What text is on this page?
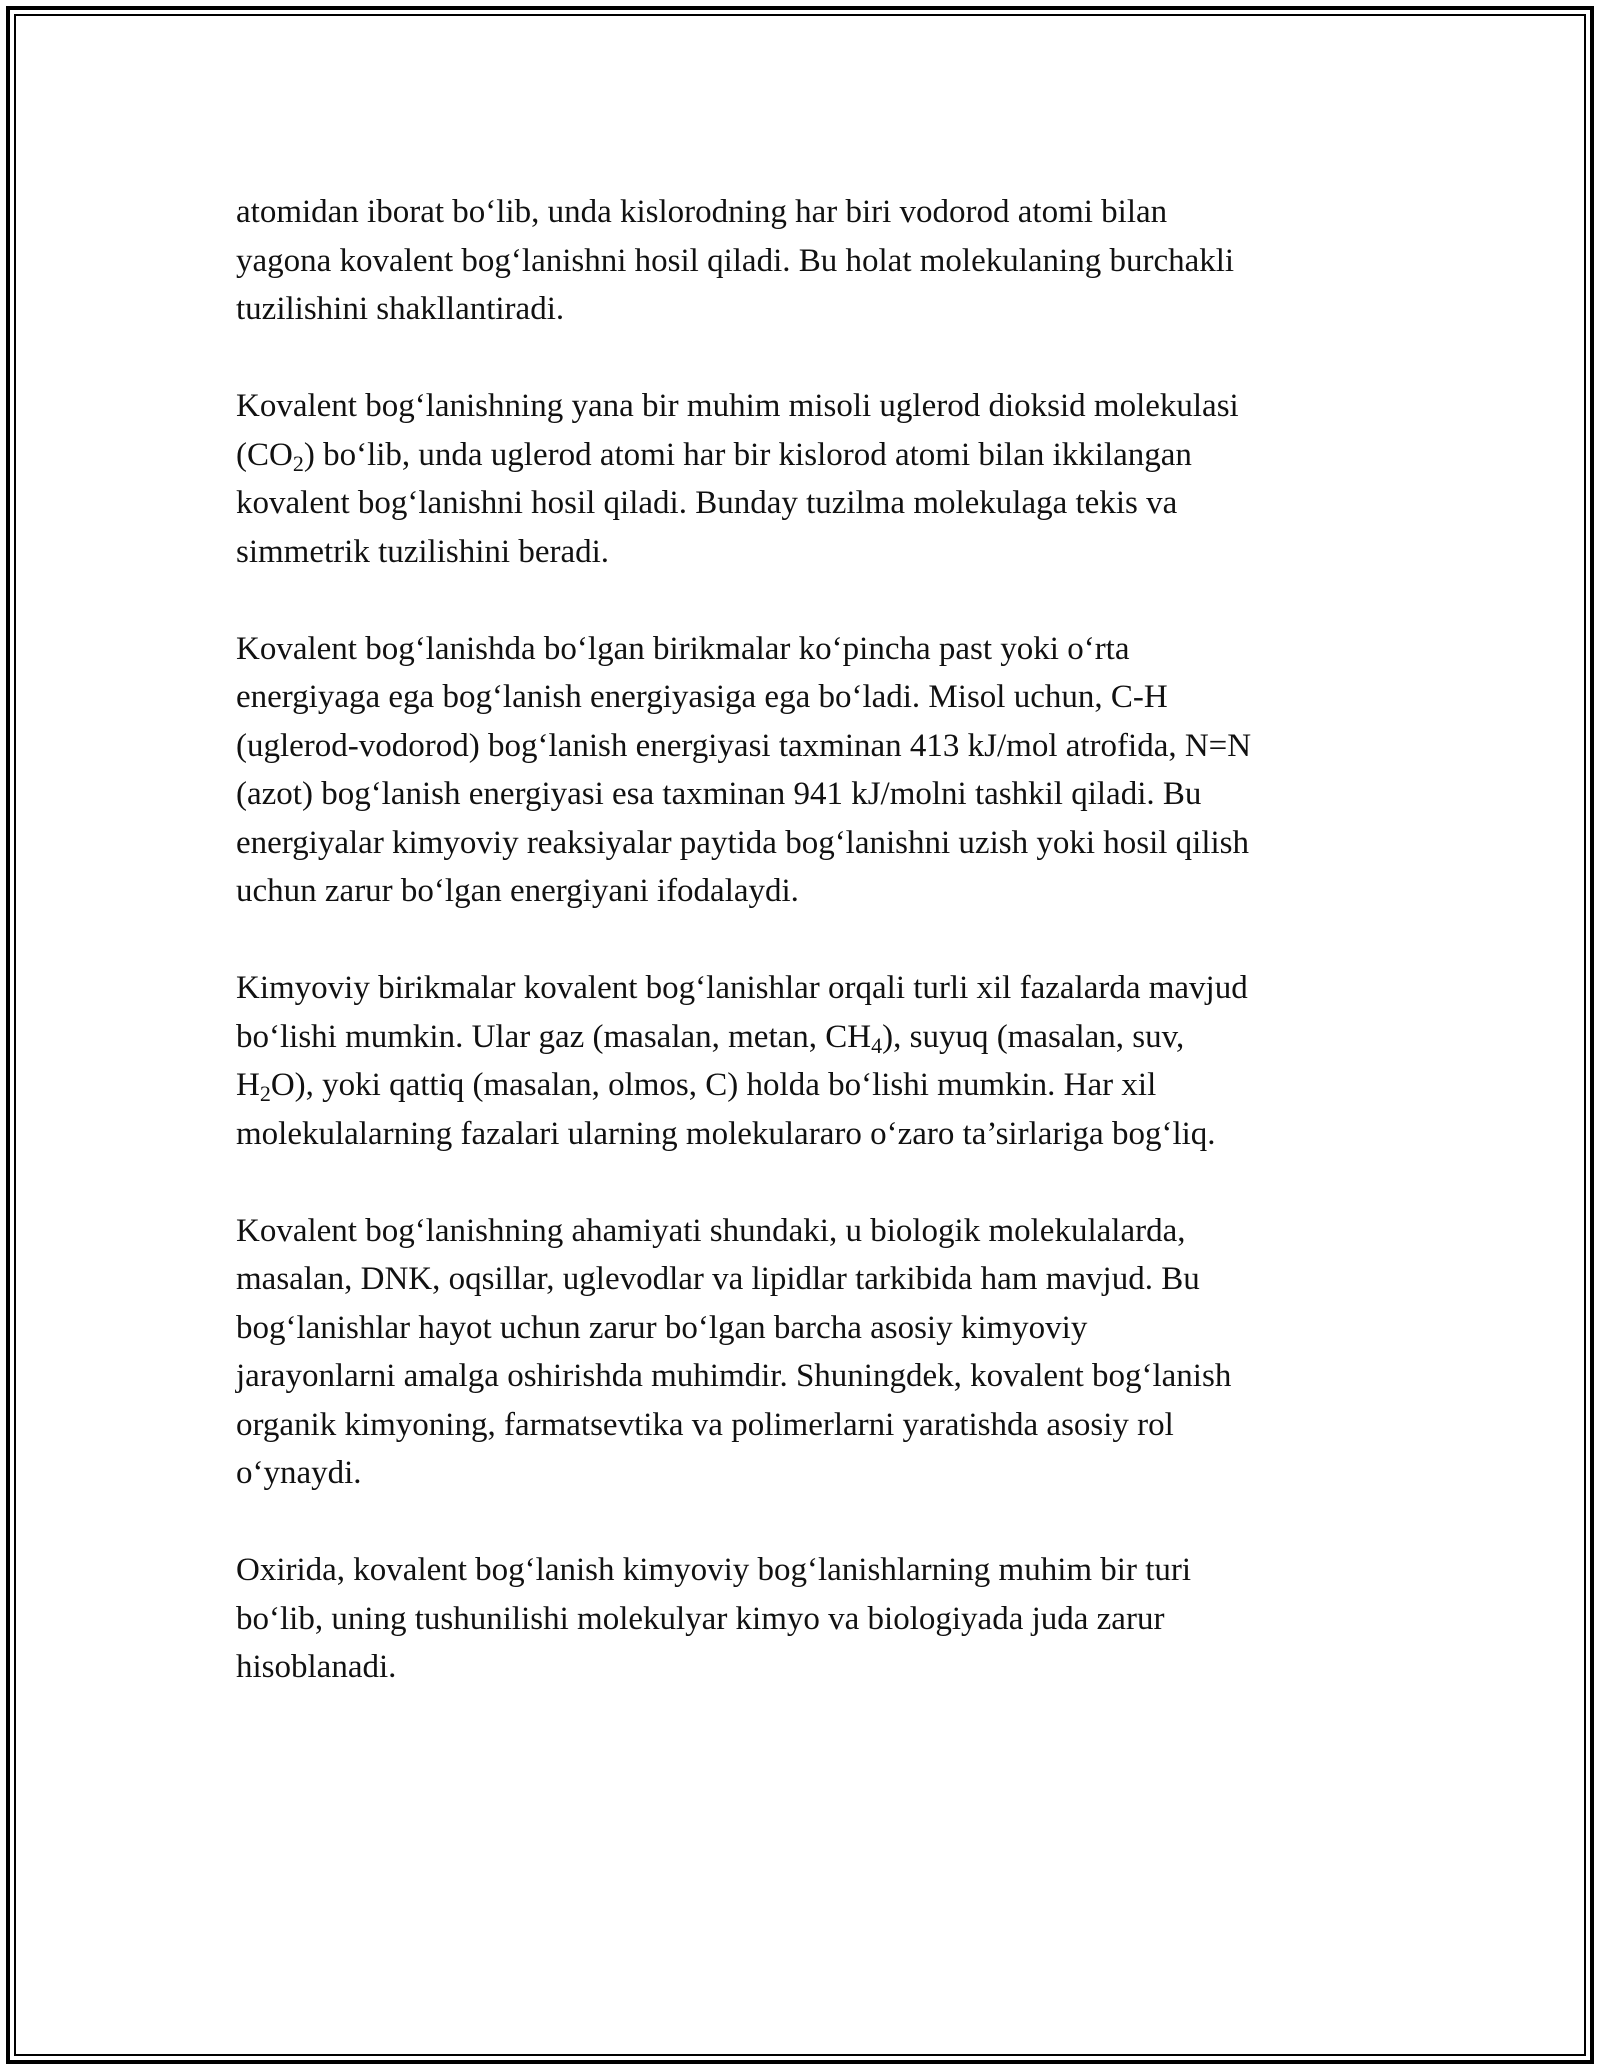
atomidan iborat boʻlib, unda kislorodning har biri vodorod atomi bilan
yagona kovalent bogʻlanishni hosil qiladi. Bu holat molekulaning burchakli
tuzilishini shakllantiradi.

Kovalent bogʻlanishning yana bir muhim misoli uglerod dioksid molekulasi
$(CO_2)$ boʻlib, unda uglerod atomi har bir kislorod atomi bilan ikkilangan
kovalent bogʻlanishni hosil qiladi. Bunday tuzilma molekulaga tekis va
simmetrik tuzilishini beradi.

Kovalent bogʻlanishda boʻlgan birikmalar koʻpincha past yoki oʻrta
energiyaga ega bogʻlanish energiyasiga ega boʻladi. Misol uchun, C-H
(uglerod-vodorod) bogʻlanish energiyasi taxminan 413 kJ/mol atrofida, N=N
(azot) bogʻlanish energiyasi esa taxminan 941 kJ/molni tashkil qiladi. Bu
energiyalar kimyoviy reaksiyalar paytida bogʻlanishni uzish yoki hosil qilish
uchun zarur boʻlgan energiyani ifodalaydi.

Kimyoviy birikmalar kovalent bogʻlanishlar orqali turli xil fazalarda mavjud
boʻlishi mumkin. Ular gaz (masalan, metan, $CH_4$), suyuq (masalan, suv,
$H_2O$), yoki qattiq (masalan, olmos, C) holda boʻlishi mumkin. Har xil
molekulalarning fazalari ularning molekulararo oʻzaro ta’sirlariga bogʻliq.

Kovalent bogʻlanishning ahamiyati shundaki, u biologik molekulalarda,
masalan, DNK, oqsillar, uglevodlar va lipidlar tarkibida ham mavjud. Bu
bogʻlanishlar hayot uchun zarur boʻlgan barcha asosiy kimyoviy
jarayonlarni amalga oshirishda muhimdir. Shuningdek, kovalent bogʻlanish
organik kimyoning, farmatsevtika va polimerlarni yaratishda asosiy rol
oʻynaydi.

Oxirida, kovalent bogʻlanish kimyoviy bogʻlanishlarning muhim bir turi
boʻlib, uning tushunilishi molekulyar kimyo va biologiyada juda zarur
hisoblanadi.
